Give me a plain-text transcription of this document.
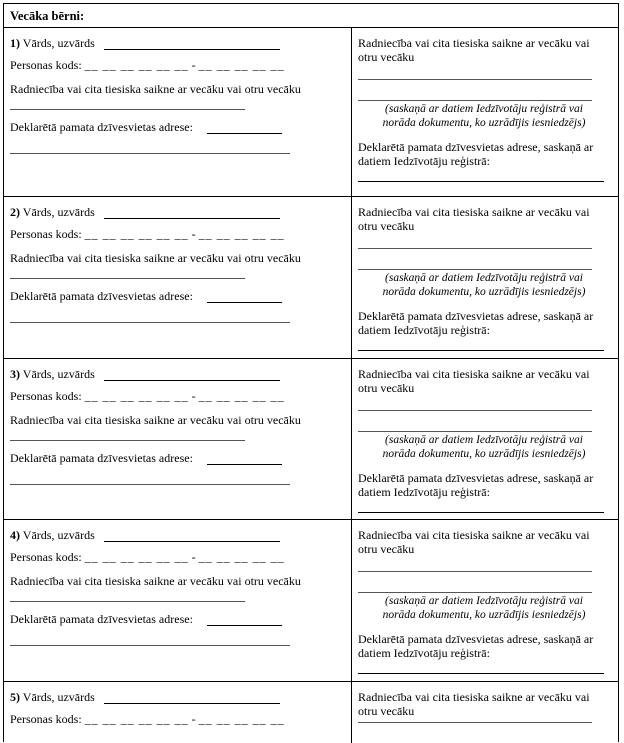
Vecāka bērni:
1) Vārds, uzvārds
Personas kods: __ __ __ __ __ __ - __ __ __ __ __
Radniecība vai cita tiesiska saikne ar vecāku vai otru vecāku
Deklarētā pamata dzīvesvietas adrese:
Radniecība vai cita tiesiska saikne ar vecāku vai
otru vecāku
(saskaņā ar datiem Iedzīvotāju reģistrā vai
norāda dokumentu, ko uzrādījis iesniedzējs)
Deklarētā pamata dzīvesvietas adrese, saskaņā ar
datiem Iedzīvotāju reģistrā:
2) Vārds, uzvārds
Personas kods: __ __ __ __ __ __ - __ __ __ __ __
Radniecība vai cita tiesiska saikne ar vecāku vai otru vecāku
Deklarētā pamata dzīvesvietas adrese:
Radniecība vai cita tiesiska saikne ar vecāku vai
otru vecāku
(saskaņā ar datiem Iedzīvotāju reģistrā vai
norāda dokumentu, ko uzrādījis iesniedzējs)
Deklarētā pamata dzīvesvietas adrese, saskaņā ar
datiem Iedzīvotāju reģistrā:
3) Vārds, uzvārds
Personas kods: __ __ __ __ __ __ - __ __ __ __ __
Radniecība vai cita tiesiska saikne ar vecāku vai otru vecāku
Deklarētā pamata dzīvesvietas adrese:
Radniecība vai cita tiesiska saikne ar vecāku vai
otru vecāku
(saskaņā ar datiem Iedzīvotāju reģistrā vai
norāda dokumentu, ko uzrādījis iesniedzējs)
Deklarētā pamata dzīvesvietas adrese, saskaņā ar
datiem Iedzīvotāju reģistrā:
4) Vārds, uzvārds
Personas kods: __ __ __ __ __ __ - __ __ __ __ __
Radniecība vai cita tiesiska saikne ar vecāku vai otru vecāku
Deklarētā pamata dzīvesvietas adrese:
Radniecība vai cita tiesiska saikne ar vecāku vai
otru vecāku
(saskaņā ar datiem Iedzīvotāju reģistrā vai
norāda dokumentu, ko uzrādījis iesniedzējs)
Deklarētā pamata dzīvesvietas adrese, saskaņā ar
datiem Iedzīvotāju reģistrā:
5) Vārds, uzvārds
Personas kods: __ __ __ __ __ __ - __ __ __ __ __
Radniecība vai cita tiesiska saikne ar vecāku vai
otru vecāku
